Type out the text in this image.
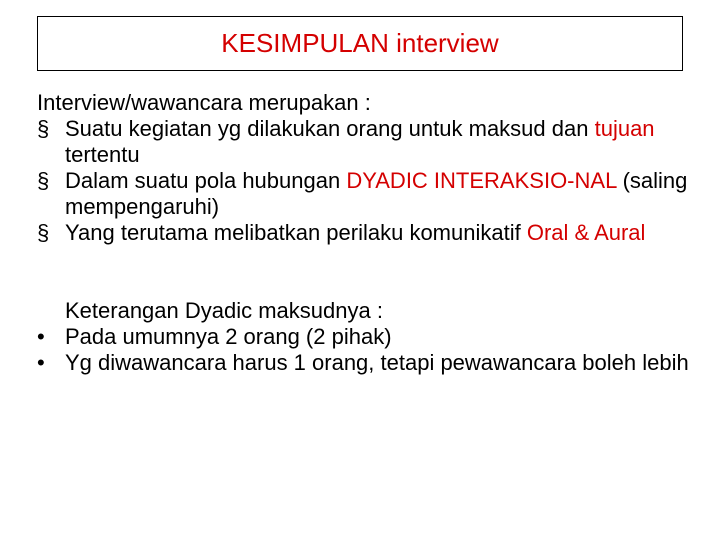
KESIMPULAN interview

Interview/wawancara merupakan :

§ Suatu kegiatan yg dilakukan orang untuk maksud dan tujuan tertentu
§ Dalam suatu pola hubungan DYADIC INTERAKSIO-NAL (saling mempengaruhi)
§ Yang terutama melibatkan perilaku komunikatif Oral & Aural

Keterangan Dyadic maksudnya :

• Pada umumnya 2 orang (2 pihak)
• Yg diwawancara harus 1 orang, tetapi pewawancara boleh lebih
